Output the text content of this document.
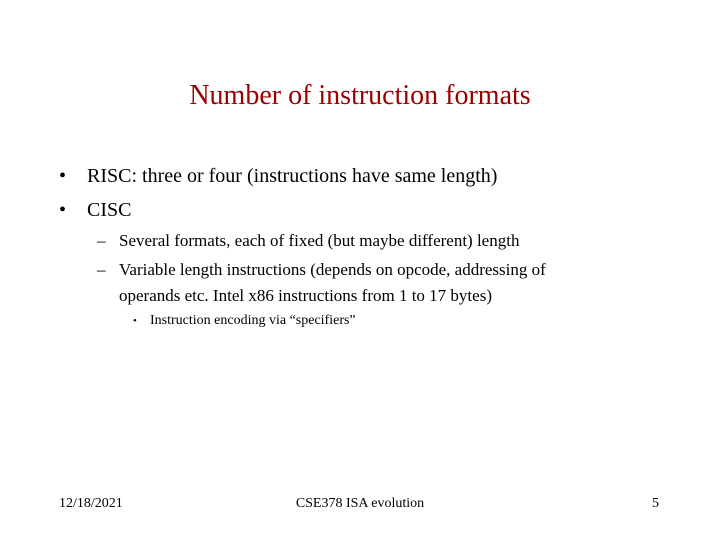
Number of instruction formats
• RISC: three or four (instructions have same length)
• CISC
– Several formats, each of fixed (but maybe different) length
– Variable length instructions (depends on opcode, addressing of
operands etc. Intel x86 instructions from 1 to 17 bytes)
• Instruction encoding via “specifiers”
12/18/2021	CSE378 ISA evolution	5
